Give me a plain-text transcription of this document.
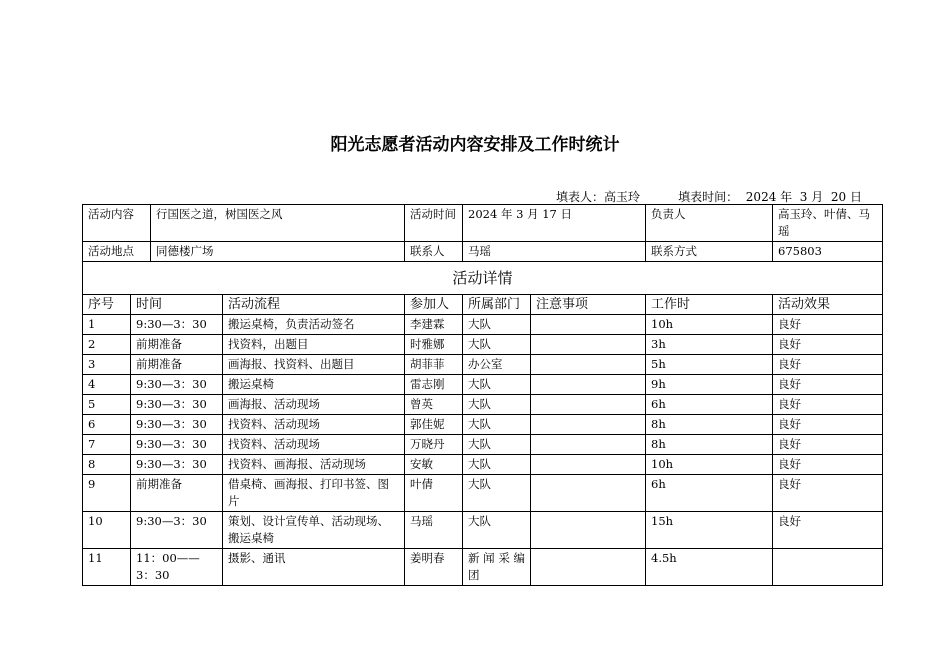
阳光志愿者活动内容安排及工作时统计
填表人：高玉玲	填表时间：  2024 年  3 月  20 日
活动内容		行国医之道，树国医之风		活动时间	2024 年 3 月 17 日		负责人	高玉玲、叶倩、马瑶
活动地点		同德楼广场		联系人	马瑶		联系方式	675803
活动详情								
序号	时间		活动流程	参加人	所属部门	注意事项	工作时	活动效果
1	9:30—3：30		搬运桌椅，负责活动签名	李建霖	大队		10h	良好
2	前期准备		找资料，出题目	时雅娜	大队		3h	良好
3	前期准备		画海报、找资料、出题目	胡菲菲	办公室		5h	良好
4	9:30—3：30		搬运桌椅	雷志刚	大队		9h	良好
5	9:30—3：30		画海报、活动现场	曾英	大队		6h	良好
6	9:30—3：30		找资料、活动现场	郭佳妮	大队		8h	良好
7	9:30—3：30		找资料、活动现场	万晓丹	大队		8h	良好
8	9:30—3：30		找资料、画海报、活动现场	安敏	大队		10h	良好
9	前期准备		借桌椅、画海报、打印书签、图片	叶倩	大队		6h	良好
10	9:30—3：30		策划、设计宣传单、活动现场、搬运桌椅	马瑶	大队		15h	良好
11	11：00——3：30		摄影、通讯	姜明春	新闻采编团		4.5h	
